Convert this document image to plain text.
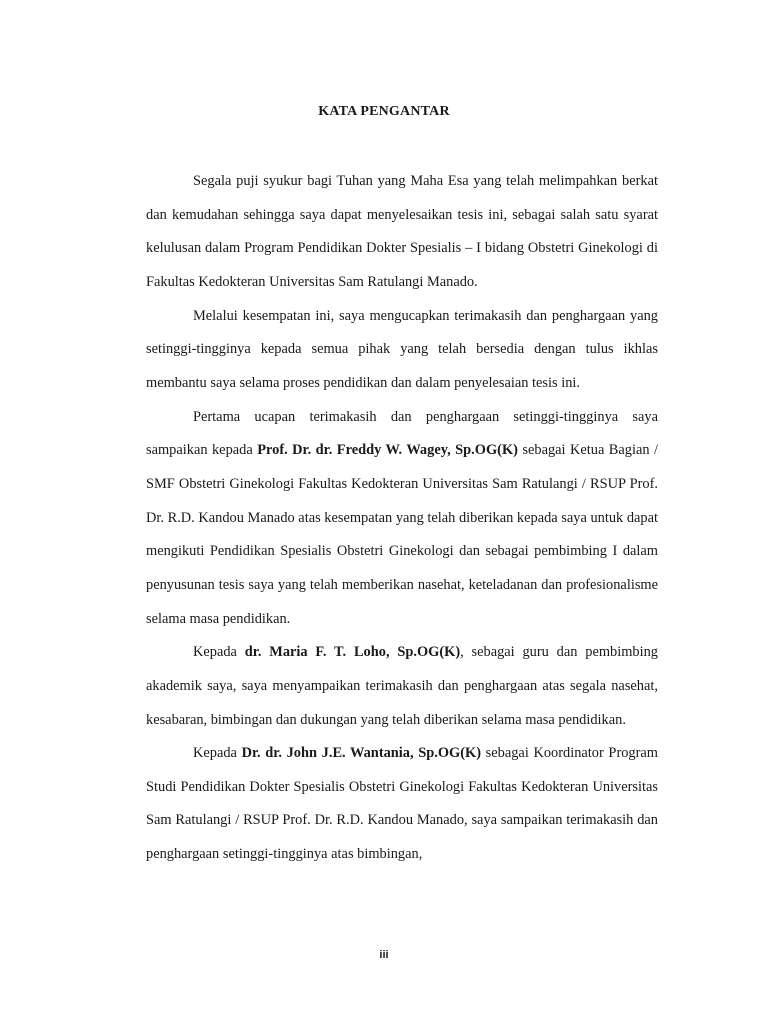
KATA PENGANTAR

Segala puji syukur bagi Tuhan yang Maha Esa yang telah melimpahkan berkat dan kemudahan sehingga saya dapat menyelesaikan tesis ini, sebagai salah satu syarat kelulusan dalam Program Pendidikan Dokter Spesialis – I bidang Obstetri Ginekologi di Fakultas Kedokteran Universitas Sam Ratulangi Manado.

Melalui kesempatan ini, saya mengucapkan terimakasih dan penghargaan yang setinggi-tingginya kepada semua pihak yang telah bersedia dengan tulus ikhlas membantu saya selama proses pendidikan dan dalam penyelesaian tesis ini.

Pertama ucapan terimakasih dan penghargaan setinggi-tingginya saya sampaikan kepada Prof. Dr. dr. Freddy W. Wagey, Sp.OG(K) sebagai Ketua Bagian / SMF Obstetri Ginekologi Fakultas Kedokteran Universitas Sam Ratulangi / RSUP Prof. Dr. R.D. Kandou Manado atas kesempatan yang telah diberikan kepada saya untuk dapat mengikuti Pendidikan Spesialis Obstetri Ginekologi dan sebagai pembimbing I dalam penyusunan tesis saya yang telah memberikan nasehat, keteladanan dan profesionalisme selama masa pendidikan.

Kepada dr. Maria F. T. Loho, Sp.OG(K), sebagai guru dan pembimbing akademik saya, saya menyampaikan terimakasih dan penghargaan atas segala nasehat, kesabaran, bimbingan dan dukungan yang telah diberikan selama masa pendidikan.

Kepada Dr. dr. John J.E. Wantania, Sp.OG(K) sebagai Koordinator Program Studi Pendidikan Dokter Spesialis Obstetri Ginekologi Fakultas Kedokteran Universitas Sam Ratulangi / RSUP Prof. Dr. R.D. Kandou Manado, saya sampaikan terimakasih dan penghargaan setinggi-tingginya atas bimbingan,

iii
